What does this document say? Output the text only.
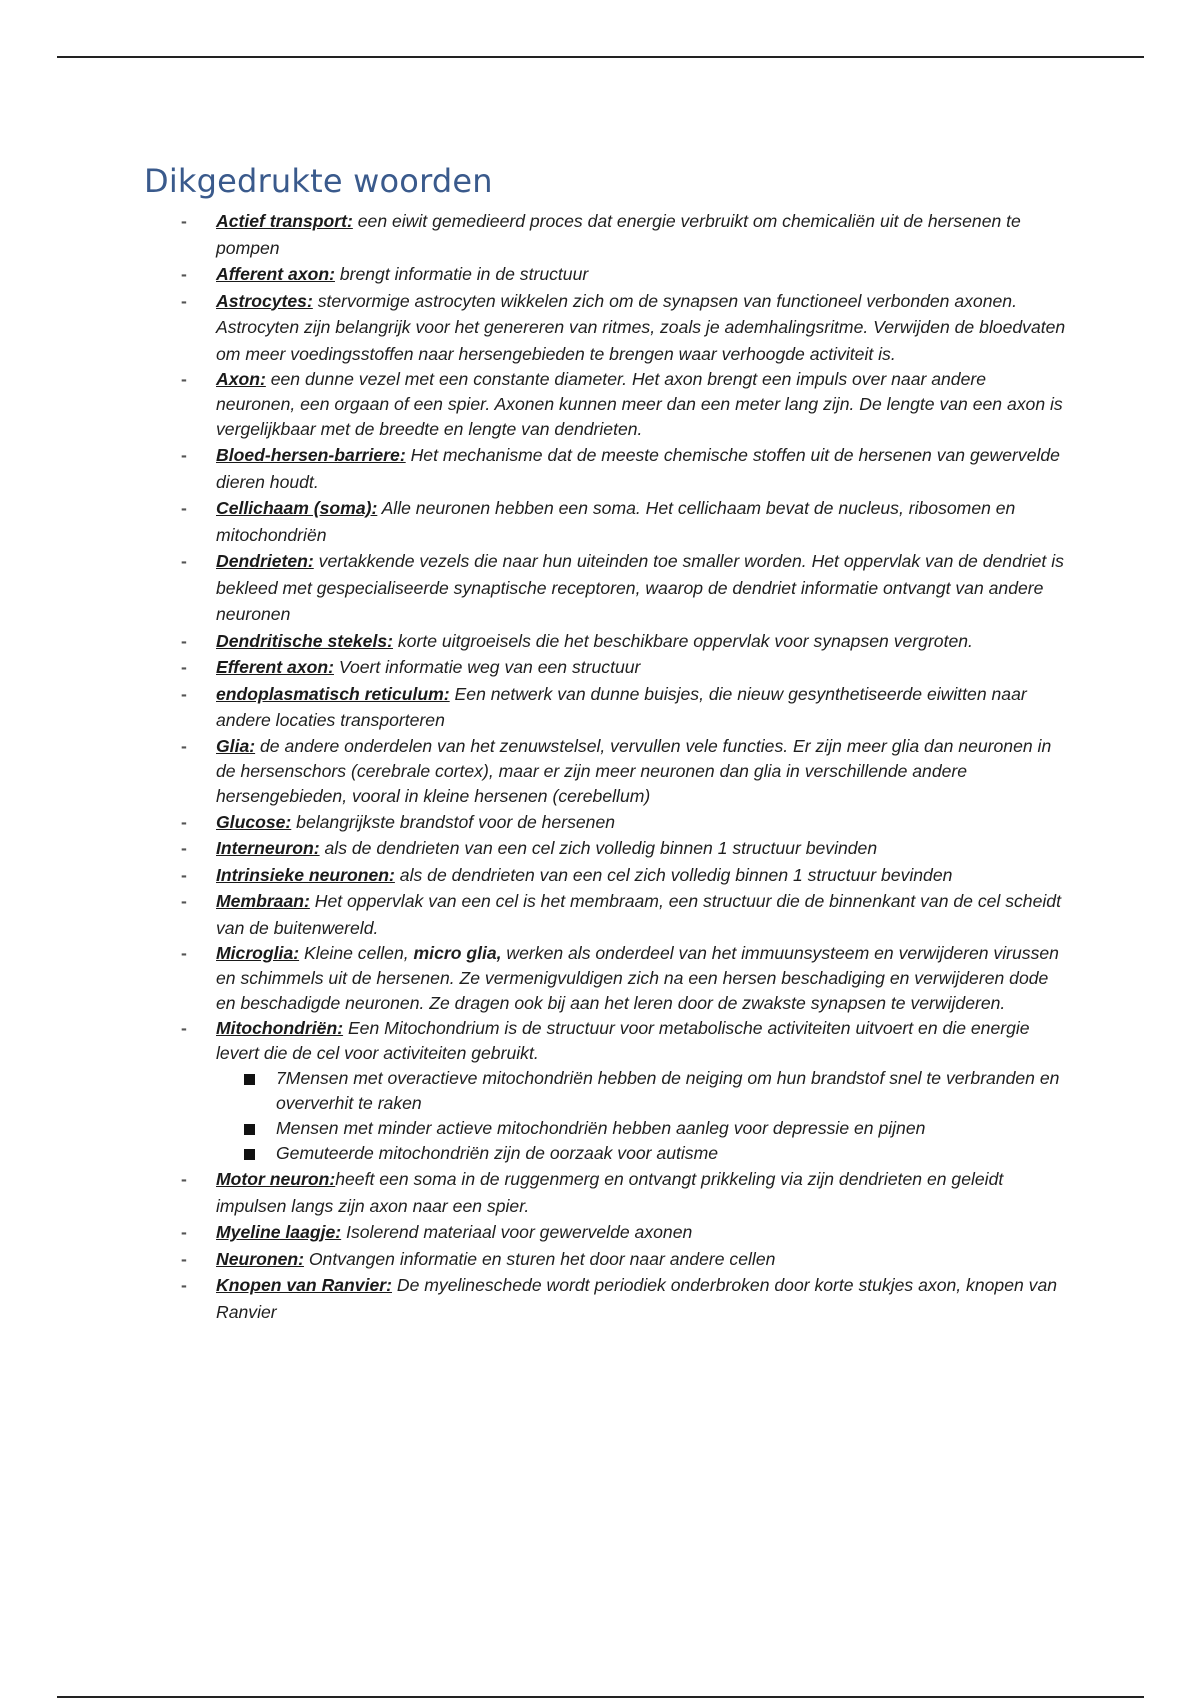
Dikgedrukte woorden
- Actief transport: een eiwit gemedieerd proces dat energie verbruikt om chemicaliën uit de hersenen te pompen
- Afferent axon: brengt informatie in de structuur
- Astrocytes: stervormige astrocyten wikkelen zich om de synapsen van functioneel verbonden axonen. Astrocyten zijn belangrijk voor het genereren van ritmes, zoals je ademhalingsritme. Verwijden de bloedvaten om meer voedingsstoffen naar hersengebieden te brengen waar verhoogde activiteit is.
- Axon: een dunne vezel met een constante diameter. Het axon brengt een impuls over naar andere neuronen, een orgaan of een spier. Axonen kunnen meer dan een meter lang zijn. De lengte van een axon is vergelijkbaar met de breedte en lengte van dendrieten.
- Bloed-hersen-barriere: Het mechanisme dat de meeste chemische stoffen uit de hersenen van gewervelde dieren houdt.
- Cellichaam (soma): Alle neuronen hebben een soma. Het cellichaam bevat de nucleus, ribosomen en mitochondriën
- Dendrieten: vertakkende vezels die naar hun uiteinden toe smaller worden. Het oppervlak van de dendriet is bekleed met gespecialiseerde synaptische receptoren, waarop de dendriet informatie ontvangt van andere neuronen
- Dendritische stekels: korte uitgroeisels die het beschikbare oppervlak voor synapsen vergroten.
- Efferent axon: Voert informatie weg van een structuur
- endoplasmatisch reticulum: Een netwerk van dunne buisjes, die nieuw gesynthetiseerde eiwitten naar andere locaties transporteren
- Glia: de andere onderdelen van het zenuwstelsel, vervullen vele functies. Er zijn meer glia dan neuronen in de hersenschors (cerebrale cortex), maar er zijn meer neuronen dan glia in verschillende andere hersengebieden, vooral in kleine hersenen (cerebellum)
- Glucose: belangrijkste brandstof voor de hersenen
- Interneuron: als de dendrieten van een cel zich volledig binnen 1 structuur bevinden
- Intrinsieke neuronen: als de dendrieten van een cel zich volledig binnen 1 structuur bevinden
- Membraan: Het oppervlak van een cel is het membraam, een structuur die de binnenkant van de cel scheidt van de buitenwereld.
- Microglia: Kleine cellen, micro glia, werken als onderdeel van het immuunsysteem en verwijderen virussen en schimmels uit de hersenen. Ze vermenigvuldigen zich na een hersen beschadiging en verwijderen dode en beschadigde neuronen. Ze dragen ook bij aan het leren door de zwakste synapsen te verwijderen.
- Mitochondriën: Een Mitochondrium is de structuur voor metabolische activiteiten uitvoert en die energie levert die de cel voor activiteiten gebruikt.
7Mensen met overactieve mitochondriën hebben de neiging om hun brandstof snel te verbranden en oververhit te raken
Mensen met minder actieve mitochondriën hebben aanleg voor depressie en pijnen
Gemuteerde mitochondriën zijn de oorzaak voor autisme
- Motor neuron:heeft een soma in de ruggenmerg en ontvangt prikkeling via zijn dendrieten en geleidt impulsen langs zijn axon naar een spier.
- Myeline laagje: Isolerend materiaal voor gewervelde axonen
- Neuronen: Ontvangen informatie en sturen het door naar andere cellen
- Knopen van Ranvier: De myelineschede wordt periodiek onderbroken door korte stukjes axon, knopen van Ranvier
